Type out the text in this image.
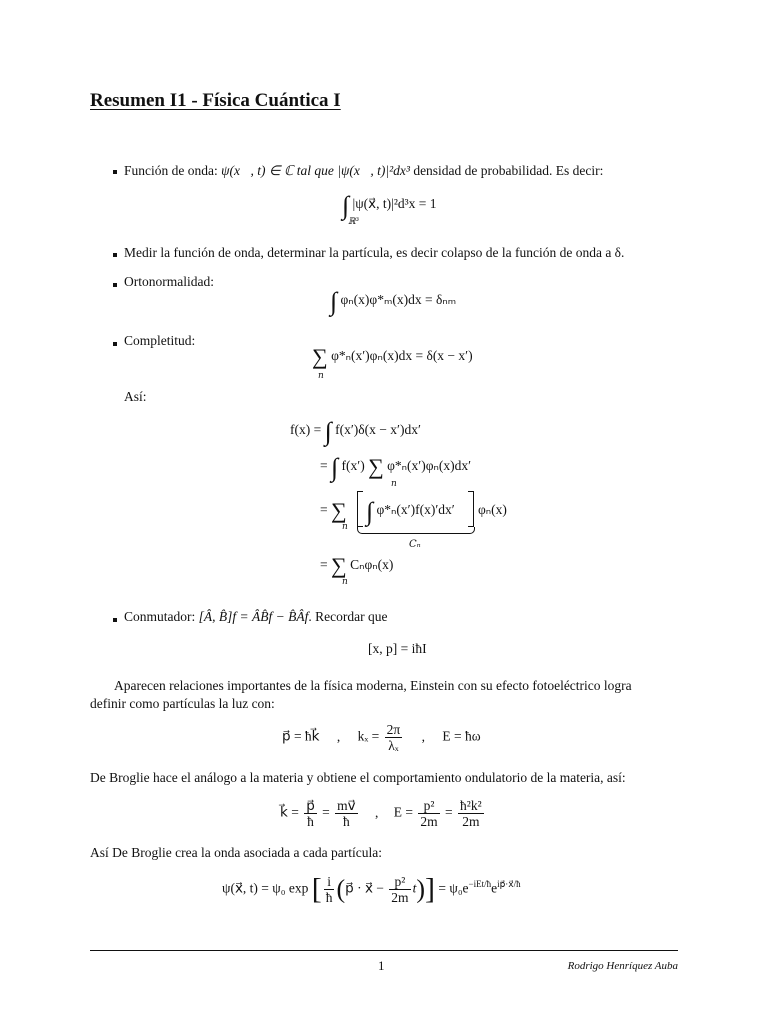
Resumen I1 - Física Cuántica I
Función de onda: ψ(x⃗, t) ∈ ℂ tal que |ψ(x⃗, t)|²dx³ densidad de probabilidad. Es decir:
∫ |ψ(x⃗, t)|²d³x = 1
ℝ³
Medir la función de onda, determinar la partícula, es decir colapso de la función de onda a δ.
Ortonormalidad:
∫ φₙ(x)φ*ₘ(x)dx = δₙₘ
Completitud:
∑ φ*ₙ(x′)φₙ(x)dx = δ(x − x′)
n
Así:
f(x) = ∫ f(x′)δ(x − x′)dx′
= ∫ f(x′) ∑ φ*ₙ(x′)φₙ(x)dx′
n
= ∑
n
∫ φ*ₙ(x′)f(x)′dx′ φₙ(x)
Cₙ
= ∑ Cₙφₙ(x)
n
Conmutador: [Â, B̂]f = ÂB̂f − B̂Âf. Recordar que
[x, p] = iħI
Aparecen relaciones importantes de la física moderna, Einstein con su efecto fotoeléctrico logra
definir como partículas la luz con:
p⃗ = ħk⃗ , $k_x = \frac{2\pi}{\text{λₓ}}$ , E = ħω
De Broglie hace el análogo a la materia y obtiene el comportamiento ondulatorio de la materia, así:
k⃗ = $\frac{p⃗}{ħ} = \frac{mv⃗}{ħ}$ , $E = \frac{\text{p²}}{2m} = \frac{\text{ħ²k²}}{2m}$
Así De Broglie crea la onda asociada a cada partícula:
ψ(x⃗, t) = ψ₀ exp [ $\frac{i}{ħ}$ (p⃗ · x⃗ − $\frac{\text{p²}}{2m} t)] = \psi_0e^{-iEt/ħ}e^{ip⃗\cdot x⃗/ħ}$
1	Rodrigo Henríquez Auba
